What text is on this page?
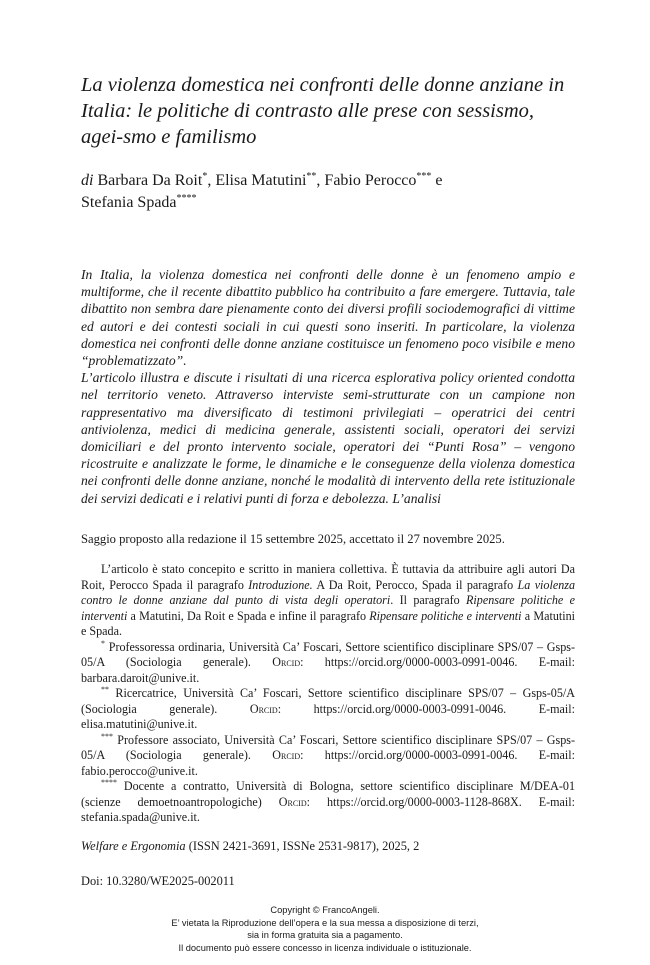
La violenza domestica nei confronti delle donne anziane in Italia: le politiche di contrasto alle prese con sessismo, agei-smo e familismo
di Barbara Da Roit*, Elisa Matutini**, Fabio Perocco*** e
Stefania Spada****

In Italia, la violenza domestica nei confronti delle donne è un fenomeno ampio e multiforme, che il recente dibattito pubblico ha contribuito a fare emergere. Tuttavia, tale dibattito non sembra dare pienamente conto dei diversi profili sociodemografici di vittime ed autori e dei contesti sociali in cui questi sono inseriti. In particolare, la violenza domestica nei confronti delle donne anziane costituisce un fenomeno poco visibile e meno “problematizzato”.

L’articolo illustra e discute i risultati di una ricerca esplorativa policy oriented condotta nel territorio veneto. Attraverso interviste semi-strutturate con un campione non rappresentativo ma diversificato di testimoni privilegiati – operatrici dei centri antiviolenza, medici di medicina generale, assistenti sociali, operatori dei servizi domiciliari e del pronto intervento sociale, operatori dei “Punti Rosa” – vengono ricostruite e analizzate le forme, le dinamiche e le conseguenze della violenza domestica nei confronti delle donne anziane, nonché le modalità di intervento della rete istituzionale dei servizi dedicati e i relativi punti di forza e debolezza. L’analisi

Saggio proposto alla redazione il 15 settembre 2025, accettato il 27 novembre 2025.

L’articolo è stato concepito e scritto in maniera collettiva. È tuttavia da attribuire agli autori Da Roit, Perocco Spada il paragrafo Introduzione. A Da Roit, Perocco, Spada il paragrafo La violenza contro le donne anziane dal punto di vista degli operatori. Il paragrafo Ripensare politiche e interventi a Matutini, Da Roit e Spada e infine il paragrafo Ripensare politiche e interventi a Matutini e Spada.

* Professoressa ordinaria, Università Ca’ Foscari, Settore scientifico disciplinare SPS/07 – Gsps-05/A (Sociologia generale). Orcid: https://orcid.org/0000-0003-0991-0046. E-mail: barbara.daroit@unive.it.

** Ricercatrice, Università Ca’ Foscari, Settore scientifico disciplinare SPS/07 – Gsps-05/A (Sociologia generale). Orcid: https://orcid.org/0000-0003-0991-0046. E-mail: elisa.matutini@unive.it.

*** Professore associato, Università Ca’ Foscari, Settore scientifico disciplinare SPS/07 – Gsps-05/A (Sociologia generale). Orcid: https://orcid.org/0000-0003-0991-0046. E-mail: fabio.perocco@unive.it.

**** Docente a contratto, Università di Bologna, settore scientifico disciplinare M/DEA-01 (scienze demoetnoantropologiche) Orcid: https://orcid.org/0000-0003-1128-868X. E-mail: stefania.spada@unive.it.

Welfare e Ergonomia (ISSN 2421-3691, ISSNe 2531-9817), 2025, 2
Doi: 10.3280/WE2025-002011
Copyright © FrancoAngeli.
E’ vietata la Riproduzione dell’opera e la sua messa a disposizione di terzi,
sia in forma gratuita sia a pagamento.
Il documento può essere concesso in licenza individuale o istituzionale.
